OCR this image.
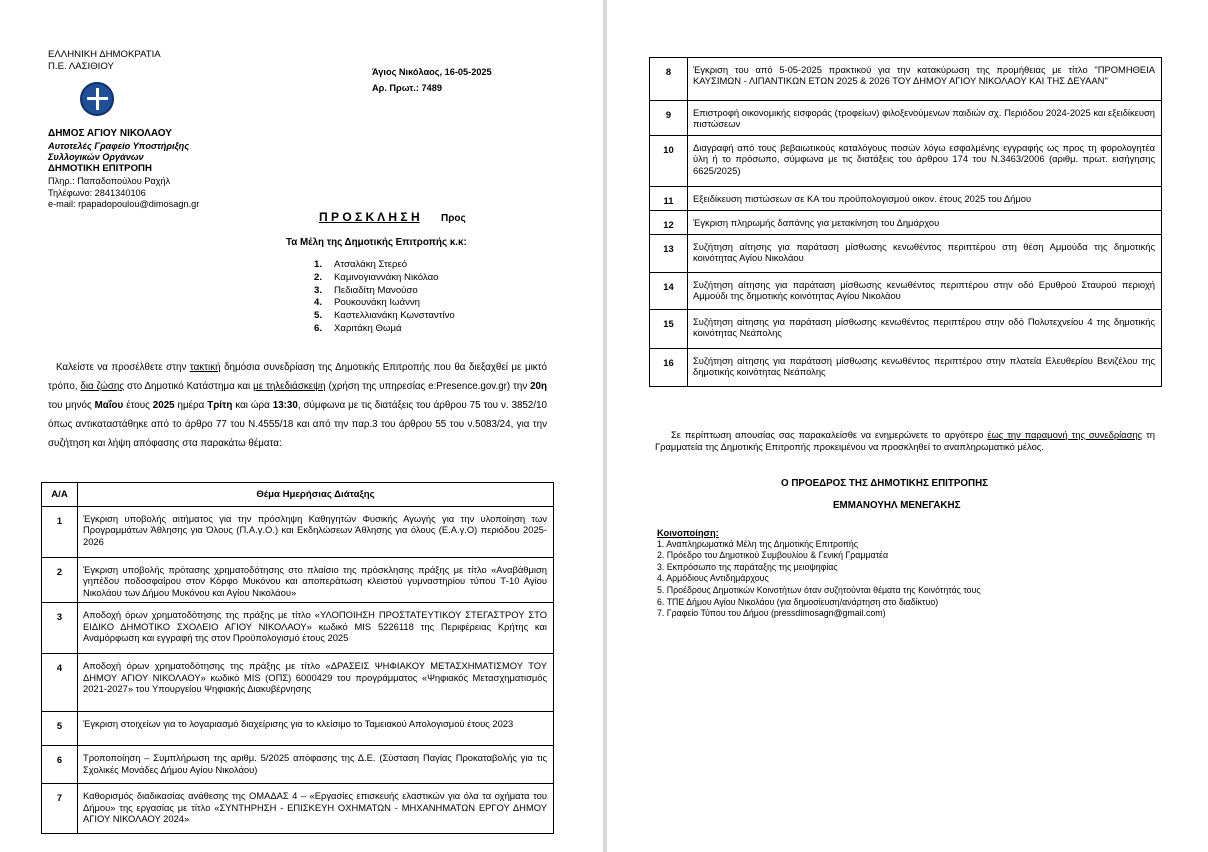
ΕΛΛΗΝΙΚΗ ΔΗΜΟΚΡΑΤΙΑ
Π.Ε. ΛΑΣΙΘΙΟΥ
ΔΗΜΟΣ ΑΓΙΟΥ ΝΙΚΟΛΑΟΥ
Αυτοτελές Γραφείο Υποστήριξης
Συλλογικών Οργάνων
ΔΗΜΟΤΙΚΗ ΕΠΙΤΡΟΠΗ
Πληρ.: Παπαδοπούλου Ραχήλ
Τηλέφωνο: 2841340106
e-mail: rpapadopoulou@dimosagn.gr
Άγιος Νικόλαος, 16-05-2025
Αρ. Πρωτ.: 7489
Π Ρ Ο Σ Κ Λ Η Σ Η Προς
Τα Μέλη της Δημοτικής Επιτροπής κ.κ:
1. Ατσαλάκη Στερεό
2. Καμινογιαννάκη Νικόλαο
3. Πεδιαδίτη Μανούσο
4. Ρουκουνάκη Ιωάννη
5. Καστελλιανάκη Κωνσταντίνο
6. Χαριτάκη Θωμά
Καλείστε να προσέλθετε στην τακτική δημόσια συνεδρίαση της Δημοτικής Επιτροπής που θα διεξαχθεί με μικτό τρόπο, δια ζώσης στο Δημοτικό Κατάστημα και με τηλεδιάσκεψη (χρήση της υπηρεσίας e:Presence.gov.gr) την 20η του μηνός Μαΐου έτους 2025 ημέρα Τρίτη και ώρα 13:30, σύμφωνα με τις διατάξεις του άρθρου 75 του ν. 3852/10 όπως αντικαταστάθηκε από το άρθρο 77 του Ν.4555/18 και από την παρ.3 του άρθρου 55 του ν.5083/24, για την συζήτηση και λήψη απόφασης στα παρακάτω θέματα:
Α/Α	Θέμα Ημερήσιας Διάταξης
1	Έγκριση υποβολής αιτήματος για την πρόσληψη Καθηγητών Φυσικής Αγωγής για την υλοποίηση των Προγραμμάτων Άθλησης για Όλους (Π.Α.γ.Ο.) και Εκδηλώσεων Άθλησης για όλους (Ε.Α.γ.Ο) περιόδου 2025-2026
2	Έγκριση υποβολής πρότασης χρηματοδότησης στο πλαίσιο της πρόσκλησης πράξης με τίτλο «Αναβάθμιση γηπέδου ποδοσφαίρου στον Κόρφο Μυκόνου και αποπεράτωση κλειστού γυμναστηρίου τύπου Τ-10 Αγίου Νικολάου των Δήμου Μυκόνου και Αγίου Νικολάου»
3	Αποδοχή όρων χρηματοδότησης της πράξης με τίτλο «ΥΛΟΠΟΙΗΣΗ ΠΡΟΣΤΑΤΕΥΤΙΚΟΥ ΣΤΕΓΑΣΤΡΟΥ ΣΤΟ ΕΙΔΙΚΟ ΔΗΜΟΤΙΚΟ ΣΧΟΛΕΙΟ ΑΓΙΟΥ ΝΙΚΟΛΑΟΥ» κωδικό MIS 5226118 της Περιφέρειας Κρήτης και Αναμόρφωση και εγγραφή της στον Προϋπολογισμό έτους 2025
4	Αποδοχή όρων χρηματοδότησης της πράξης με τίτλο «ΔΡΑΣΕΙΣ ΨΗΦΙΑΚΟΥ ΜΕΤΑΣΧΗΜΑΤΙΣΜΟΥ ΤΟΥ ΔΗΜΟΥ ΑΓΙΟΥ ΝΙΚΟΛΑΟΥ» κωδικό MIS (ΟΠΣ) 6000429 του προγράμματος «Ψηφιακός Μετασχηματισμός 2021-2027» του Υπουργείου Ψηφιακής Διακυβέρνησης
5	Έγκριση στοιχείων για το λογαριασμό διαχείρισης για το κλείσιμο το Ταμειακού Απολογισμού έτους 2023
6	Τροποποίηση – Συμπλήρωση της αριθμ. 5/2025 απόφασης της Δ.Ε. (Σύσταση Παγίας Προκαταβολής για τις Σχολικές Μονάδες Δήμου Αγίου Νικολάου)
7	Καθορισμός διαδικασίας ανάθεσης της ΟΜΑΔΑΣ 4 – «Εργασίες επισκευής ελαστικών για όλα τα οχήματα του Δήμου» της εργασίας με τίτλο «ΣΥΝΤΗΡΗΣΗ - ΕΠΙΣΚΕΥΗ ΟΧΗΜΑΤΩΝ - ΜΗΧΑΝΗΜΑΤΩΝ ΕΡΓΟΥ ΔΗΜΟΥ ΑΓΙΟΥ ΝΙΚΟΛΑΟΥ 2024»
8	Έγκριση του από 5-05-2025 πρακτικού για την κατακύρωση της προμήθειας με τίτλο "ΠΡΟΜΗΘΕΙΑ ΚΑΥΣΙΜΩΝ - ΛΙΠΑΝΤΙΚΩΝ ΕΤΩΝ 2025 & 2026 ΤΟΥ ΔΗΜΟΥ ΑΓΙΟΥ ΝΙΚΟΛΑΟΥ ΚΑΙ ΤΗΣ ΔΕΥΑΑΝ"
9	Επιστροφή οικονομικής εισφοράς (τροφείων) φιλοξενούμενων παιδιών σχ. Περιόδου 2024-2025 και εξειδίκευση πιστώσεων
10	Διαγραφή από τους βεβαιωτικούς καταλόγους ποσών λόγω εσφαλμένης εγγραφής ως προς τη φορολογητέα ύλη ή το πρόσωπο, σύμφωνα με τις διατάξεις του άρθρου 174 του Ν.3463/2006 (αριθμ. πρωτ. εισήγησης 6625/2025)
11	Εξειδίκευση πιστώσεων σε ΚΑ του προϋπολογισμού οικον. έτους 2025 του Δήμου
12	Έγκριση πληρωμής δαπάνης για μετακίνηση του Δημάρχου
13	Συζήτηση αίτησης για παράταση μίσθωσης κενωθέντος περιπτέρου στη θέση Αμμούδα της δημοτικής κοινότητας Αγίου Νικολάου
14	Συζήτηση αίτησης για παράταση μίσθωσης κενωθέντος περιπτέρου στην οδό Ερυθρού Σταυρού περιοχή Αμμούδι της δημοτικής κοινότητας Αγίου Νικολάου
15	Συζήτηση αίτησης για παράταση μίσθωσης κενωθέντος περιπτέρου στην οδό Πολυτεχνείου 4 της δημοτικής κοινότητας Νεάπολης
16	Συζήτηση αίτησης για παράταση μίσθωσης κενωθέντος περιπτέρου στην πλατεία Ελευθερίου Βενιζέλου της δημοτικής κοινότητας Νεάπολης
Σε περίπτωση απουσίας σας παρακαλείσθε να ενημερώνετε το αργότερο έως την παραμονή της συνεδρίασης τη Γραμματεία της Δημοτικής Επιτροπής προκειμένου να προσκληθεί το αναπληρωματικό μέλος.
Ο ΠΡΟΕΔΡΟΣ ΤΗΣ ΔΗΜΟΤΙΚΗΣ ΕΠΙΤΡΟΠΗΣ
ΕΜΜΑΝΟΥΗΛ ΜΕΝΕΓΑΚΗΣ
Κοινοποίηση:
1. Αναπληρωματικά Μέλη της Δημοτικής Επιτροπής
2. Πρόεδρο του Δημοτικού Συμβουλίου & Γενική Γραμματέα
3. Εκπρόσωπο της παράταξης της μειοψηφίας
4. Αρμόδιους Αντιδημάρχους
5. Προέδρους Δημοτικών Κοινοτήτων όταν συζητούνται θέματα της Κοινότητάς τους
6. ΤΠΕ Δήμου Αγίου Νικολάου (για δημοσίευση/ανάρτηση στο διαδίκτυο)
7. Γραφείο Τύπου του Δήμου (pressdimosagn@gmail.com)
